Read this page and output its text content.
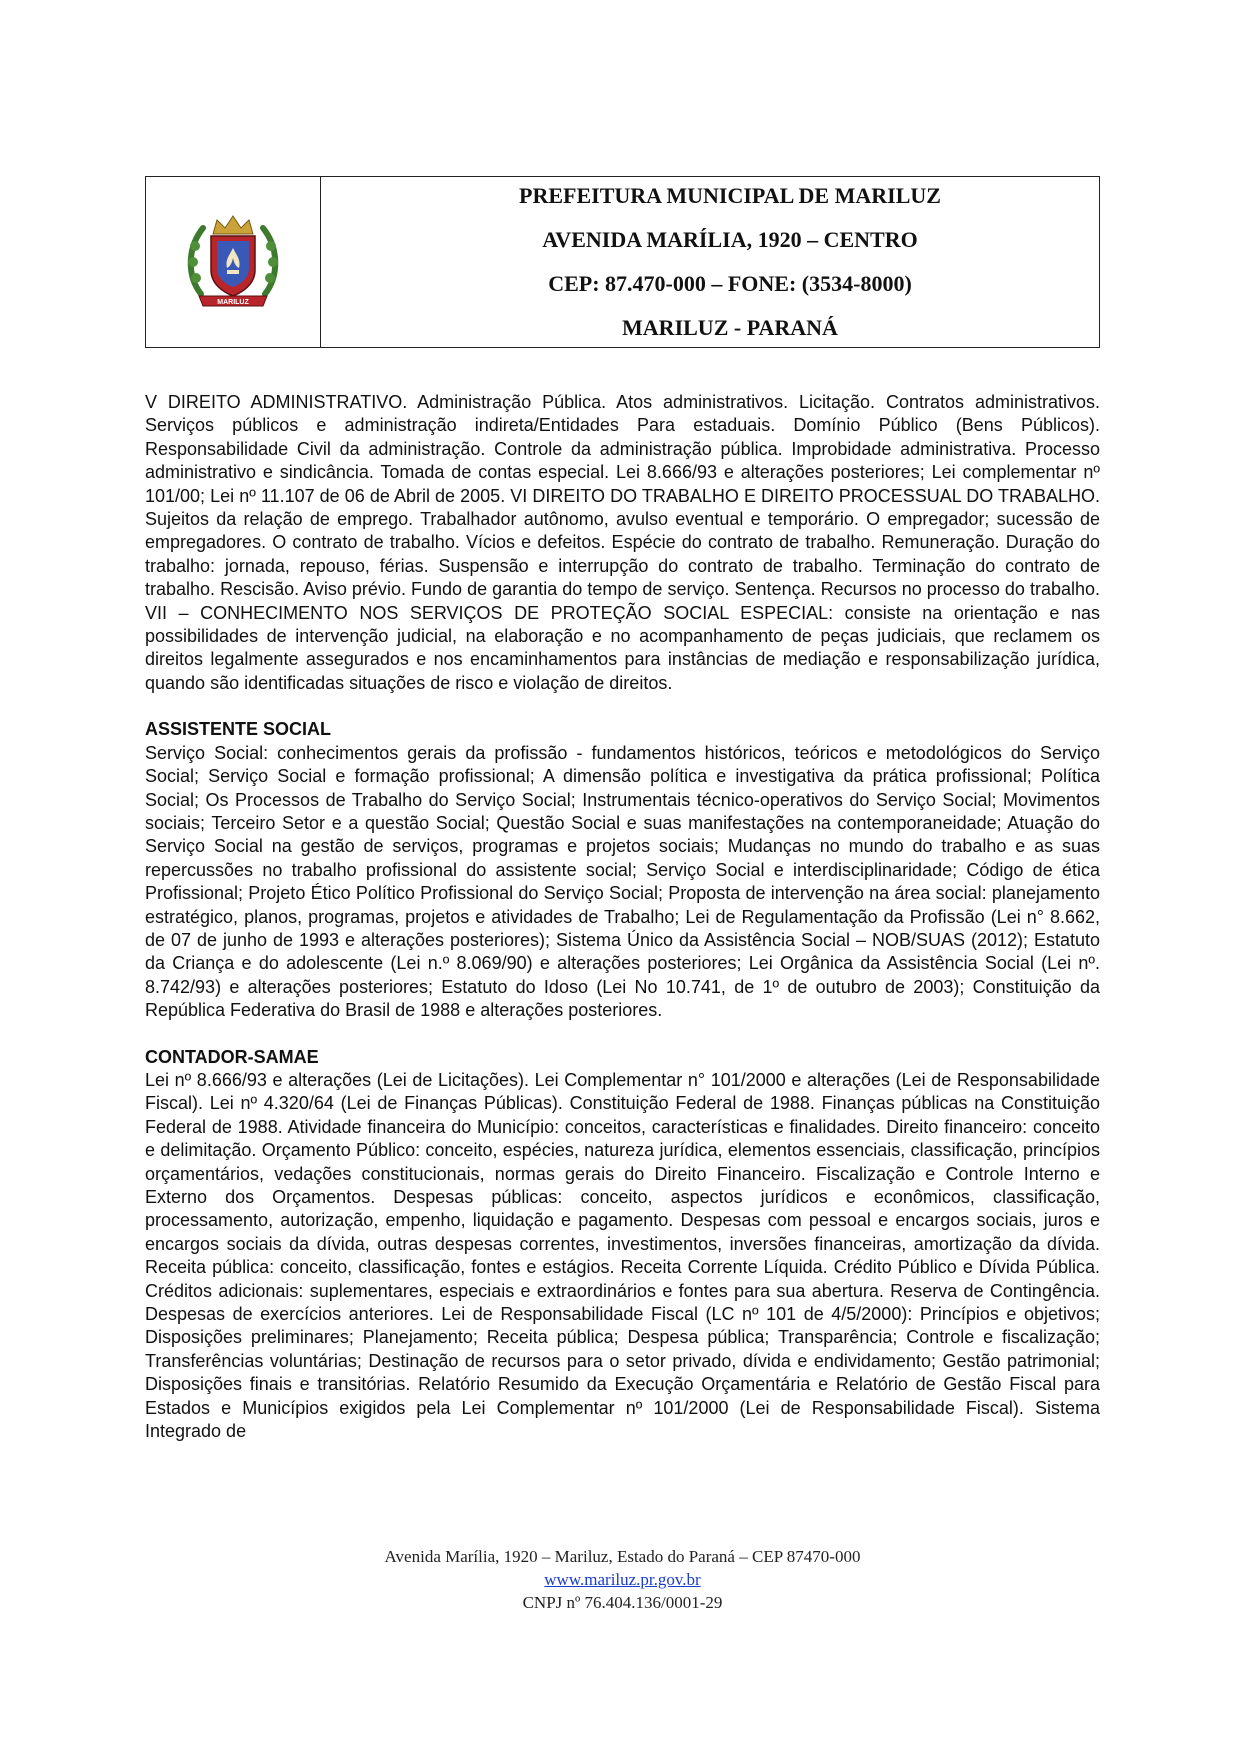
MARILUZ
PREFEITURA MUNICIPAL DE MARILUZ
AVENIDA MARÍLIA, 1920 – CENTRO
CEP: 87.470-000 – FONE: (3534-8000)
MARILUZ - PARANÁ

V DIREITO ADMINISTRATIVO. Administração Pública. Atos administrativos. Licitação. Contratos administrativos. Serviços públicos e administração indireta/Entidades Para estaduais. Domínio Público (Bens Públicos). Responsabilidade Civil da administração. Controle da administração pública. Improbidade administrativa. Processo administrativo e sindicância. Tomada de contas especial. Lei 8.666/93 e alterações posteriores; Lei complementar nº 101/00; Lei nº 11.107 de 06 de Abril de 2005. VI DIREITO DO TRABALHO E DIREITO PROCESSUAL DO TRABALHO. Sujeitos da relação de emprego. Trabalhador autônomo, avulso eventual e temporário. O empregador; sucessão de empregadores. O contrato de trabalho. Vícios e defeitos. Espécie do contrato de trabalho. Remuneração. Duração do trabalho: jornada, repouso, férias. Suspensão e interrupção do contrato de trabalho. Terminação do contrato de trabalho. Rescisão. Aviso prévio. Fundo de garantia do tempo de serviço. Sentença. Recursos no processo do trabalho. VII – CONHECIMENTO NOS SERVIÇOS DE PROTEÇÃO SOCIAL ESPECIAL: consiste na orientação e nas possibilidades de intervenção judicial, na elaboração e no acompanhamento de peças judiciais, que reclamem os direitos legalmente assegurados e nos encaminhamentos para instâncias de mediação e responsabilização jurídica, quando são identificadas situações de risco e violação de direitos.

ASSISTENTE SOCIAL

Serviço Social: conhecimentos gerais da profissão - fundamentos históricos, teóricos e metodológicos do Serviço Social; Serviço Social e formação profissional; A dimensão política e investigativa da prática profissional; Política Social; Os Processos de Trabalho do Serviço Social; Instrumentais técnico-operativos do Serviço Social; Movimentos sociais; Terceiro Setor e a questão Social; Questão Social e suas manifestações na contemporaneidade; Atuação do Serviço Social na gestão de serviços, programas e projetos sociais; Mudanças no mundo do trabalho e as suas repercussões no trabalho profissional do assistente social; Serviço Social e interdisciplinaridade; Código de ética Profissional; Projeto Ético Político Profissional do Serviço Social; Proposta de intervenção na área social: planejamento estratégico, planos, programas, projetos e atividades de Trabalho; Lei de Regulamentação da Profissão (Lei n° 8.662, de 07 de junho de 1993 e alterações posteriores); Sistema Único da Assistência Social – NOB/SUAS (2012); Estatuto da Criança e do adolescente (Lei n.º 8.069/90) e alterações posteriores; Lei Orgânica da Assistência Social (Lei nº. 8.742/93) e alterações posteriores; Estatuto do Idoso (Lei No 10.741, de 1º de outubro de 2003); Constituição da República Federativa do Brasil de 1988 e alterações posteriores.

CONTADOR-SAMAE

Lei nº 8.666/93 e alterações (Lei de Licitações). Lei Complementar n° 101/2000 e alterações (Lei de Responsabilidade Fiscal). Lei nº 4.320/64 (Lei de Finanças Públicas). Constituição Federal de 1988. Finanças públicas na Constituição Federal de 1988. Atividade financeira do Município: conceitos, características e finalidades. Direito financeiro: conceito e delimitação. Orçamento Público: conceito, espécies, natureza jurídica, elementos essenciais, classificação, princípios orçamentários, vedações constitucionais, normas gerais do Direito Financeiro. Fiscalização e Controle Interno e Externo dos Orçamentos. Despesas públicas: conceito, aspectos jurídicos e econômicos, classificação, processamento, autorização, empenho, liquidação e pagamento. Despesas com pessoal e encargos sociais, juros e encargos sociais da dívida, outras despesas correntes, investimentos, inversões financeiras, amortização da dívida. Receita pública: conceito, classificação, fontes e estágios. Receita Corrente Líquida. Crédito Público e Dívida Pública. Créditos adicionais: suplementares, especiais e extraordinários e fontes para sua abertura. Reserva de Contingência. Despesas de exercícios anteriores. Lei de Responsabilidade Fiscal (LC nº 101 de 4/5/2000): Princípios e objetivos; Disposições preliminares; Planejamento; Receita pública; Despesa pública; Transparência; Controle e fiscalização; Transferências voluntárias; Destinação de recursos para o setor privado, dívida e endividamento; Gestão patrimonial; Disposições finais e transitórias. Relatório Resumido da Execução Orçamentária e Relatório de Gestão Fiscal para Estados e Municípios exigidos pela Lei Complementar nº 101/2000 (Lei de Responsabilidade Fiscal). Sistema Integrado de

Avenida Marília, 1920 – Mariluz, Estado do Paraná – CEP 87470-000
www.mariluz.pr.gov.br
CNPJ nº 76.404.136/0001-29
